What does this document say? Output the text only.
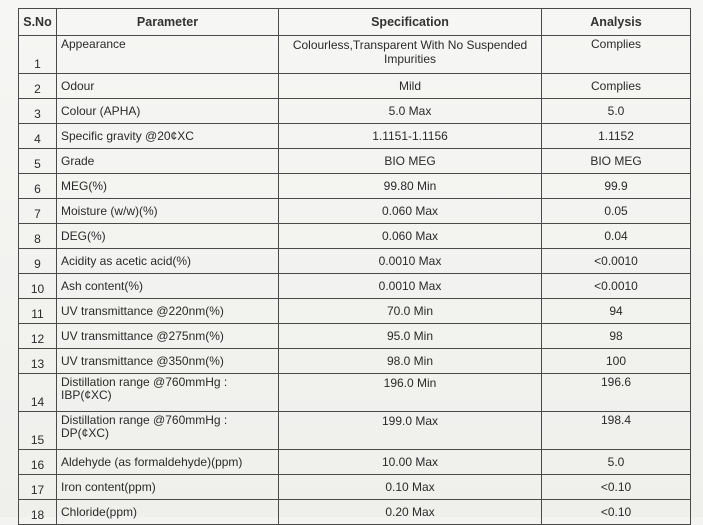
S.No	Parameter	Specification	Analysis
1	Appearance	Colourless,Transparent With No Suspended Impurities	Complies
2	Odour	Mild	Complies
3	Colour (APHA)	5.0 Max	5.0
4	Specific gravity @20¢XC	1.1151-1.1156	1.1152
5	Grade	BIO MEG	BIO MEG
6	MEG(%)	99.80 Min	99.9
7	Moisture (w/w)(%)	0.060 Max	0.05
8	DEG(%)	0.060 Max	0.04
9	Acidity as acetic acid(%)	0.0010 Max	<0.0010
10	Ash content(%)	0.0010 Max	<0.0010
11	UV transmittance @220nm(%)	70.0 Min	94
12	UV transmittance @275nm(%)	95.0 Min	98
13	UV transmittance @350nm(%)	98.0 Min	100
14	Distillation range @760mmHg : IBP(¢XC)	196.0 Min	196.6
15	Distillation range @760mmHg : DP(¢XC)	199.0 Max	198.4
16	Aldehyde (as formaldehyde)(ppm)	10.00 Max	5.0
17	Iron content(ppm)	0.10 Max	<0.10
18	Chloride(ppm)	0.20 Max	<0.10
